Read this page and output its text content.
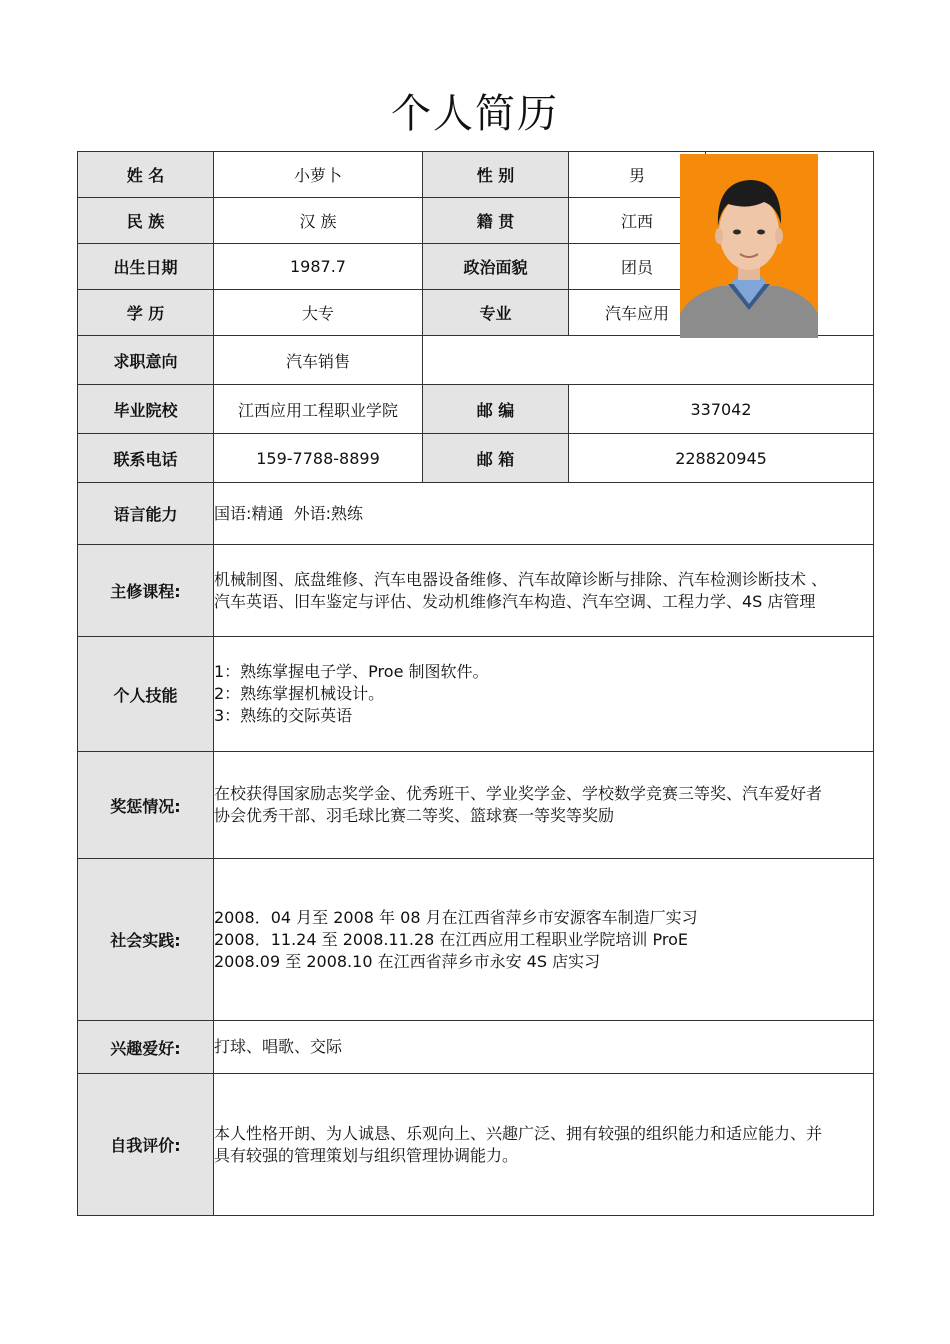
个人简历
姓 名	小萝卜	性 别	男	

民 族	汉 族	籍 贯	江西	
出生日期	1987.7	政治面貌	团员	
学 历	大专	专业	汽车应用	
求职意向	汽车销售			
毕业院校	江西应用工程职业学院	邮 编	337042	
联系电话	159-7788-8899	邮 箱	228820945	
语言能力	国语:精通  外语:熟练			
主修课程:	机械制图、底盘维修、汽车电器设备维修、汽车故障诊断与排除、汽车检测诊断技术 、
汽车英语、旧车鉴定与评估、发动机维修汽车构造、汽车空调、工程力学、4S 店管理			

个人技能	1：熟练掌握电子学、Proe 制图软件。
2：熟练掌握机械设计。
3：熟练的交际英语			

奖惩情况:	在校获得国家励志奖学金、优秀班干、学业奖学金、学校数学竞赛三等奖、汽车爱好者
协会优秀干部、羽毛球比赛二等奖、篮球赛一等奖等奖励			

社会实践:	2008．04 月至 2008 年 08 月在江西省萍乡市安源客车制造厂实习
2008．11.24 至 2008.11.28 在江西应用工程职业学院培训 ProE
2008.09 至 2008.10 在江西省萍乡市永安 4S 店实习			

兴趣爱好:	打球、唱歌、交际			
自我评价:	本人性格开朗、为人诚恳、乐观向上、兴趣广泛、拥有较强的组织能力和适应能力、并
具有较强的管理策划与组织管理协调能力。			
